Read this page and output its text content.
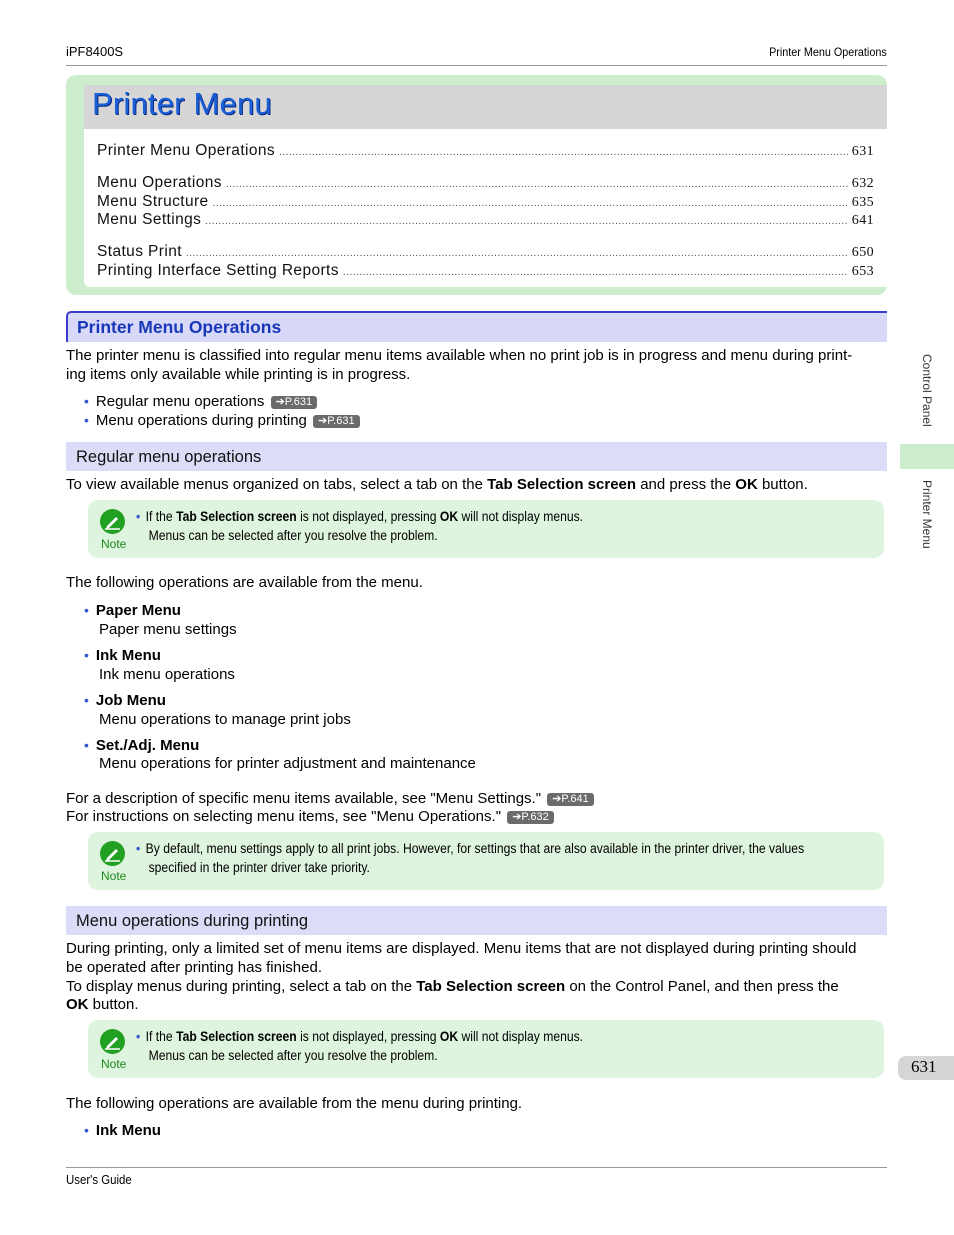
iPF8400S	Printer Menu Operations
Printer Menu
Printer Menu Operations .....	631
Menu Operations .....	632
Menu Structure .....	635
Menu Settings .....	641
Status Print .....	650
Printing Interface Setting Reports .....	653
Printer Menu Operations
The printer menu is classified into regular menu items available when no print job is in progress and menu during print-
ing items only available while printing is in progress.
• Regular menu operations ➔P.631
• Menu operations during printing ➔P.631
Regular menu operations
To view available menus organized on tabs, select a tab on the Tab Selection screen and press the OK button.
Note
• If the Tab Selection screen is not displayed, pressing OK will not display menus.
Menus can be selected after you resolve the problem.
The following operations are available from the menu.
• Paper Menu
Paper menu settings
• Ink Menu
Ink menu operations
• Job Menu
Menu operations to manage print jobs
• Set./Adj. Menu
Menu operations for printer adjustment and maintenance
For a description of specific menu items available, see "Menu Settings." ➔P.641
For instructions on selecting menu items, see "Menu Operations." ➔P.632
Note
• By default, menu settings apply to all print jobs. However, for settings that are also available in the printer driver, the values
specified in the printer driver take priority.
Menu operations during printing
During printing, only a limited set of menu items are displayed. Menu items that are not displayed during printing should
be operated after printing has finished.
To display menus during printing, select a tab on the Tab Selection screen on the Control Panel, and then press the
OK button.
Note
• If the Tab Selection screen is not displayed, pressing OK will not display menus.
Menus can be selected after you resolve the problem.
The following operations are available from the menu during printing.
• Ink Menu
Control Panel
Printer Menu
631
User's Guide
